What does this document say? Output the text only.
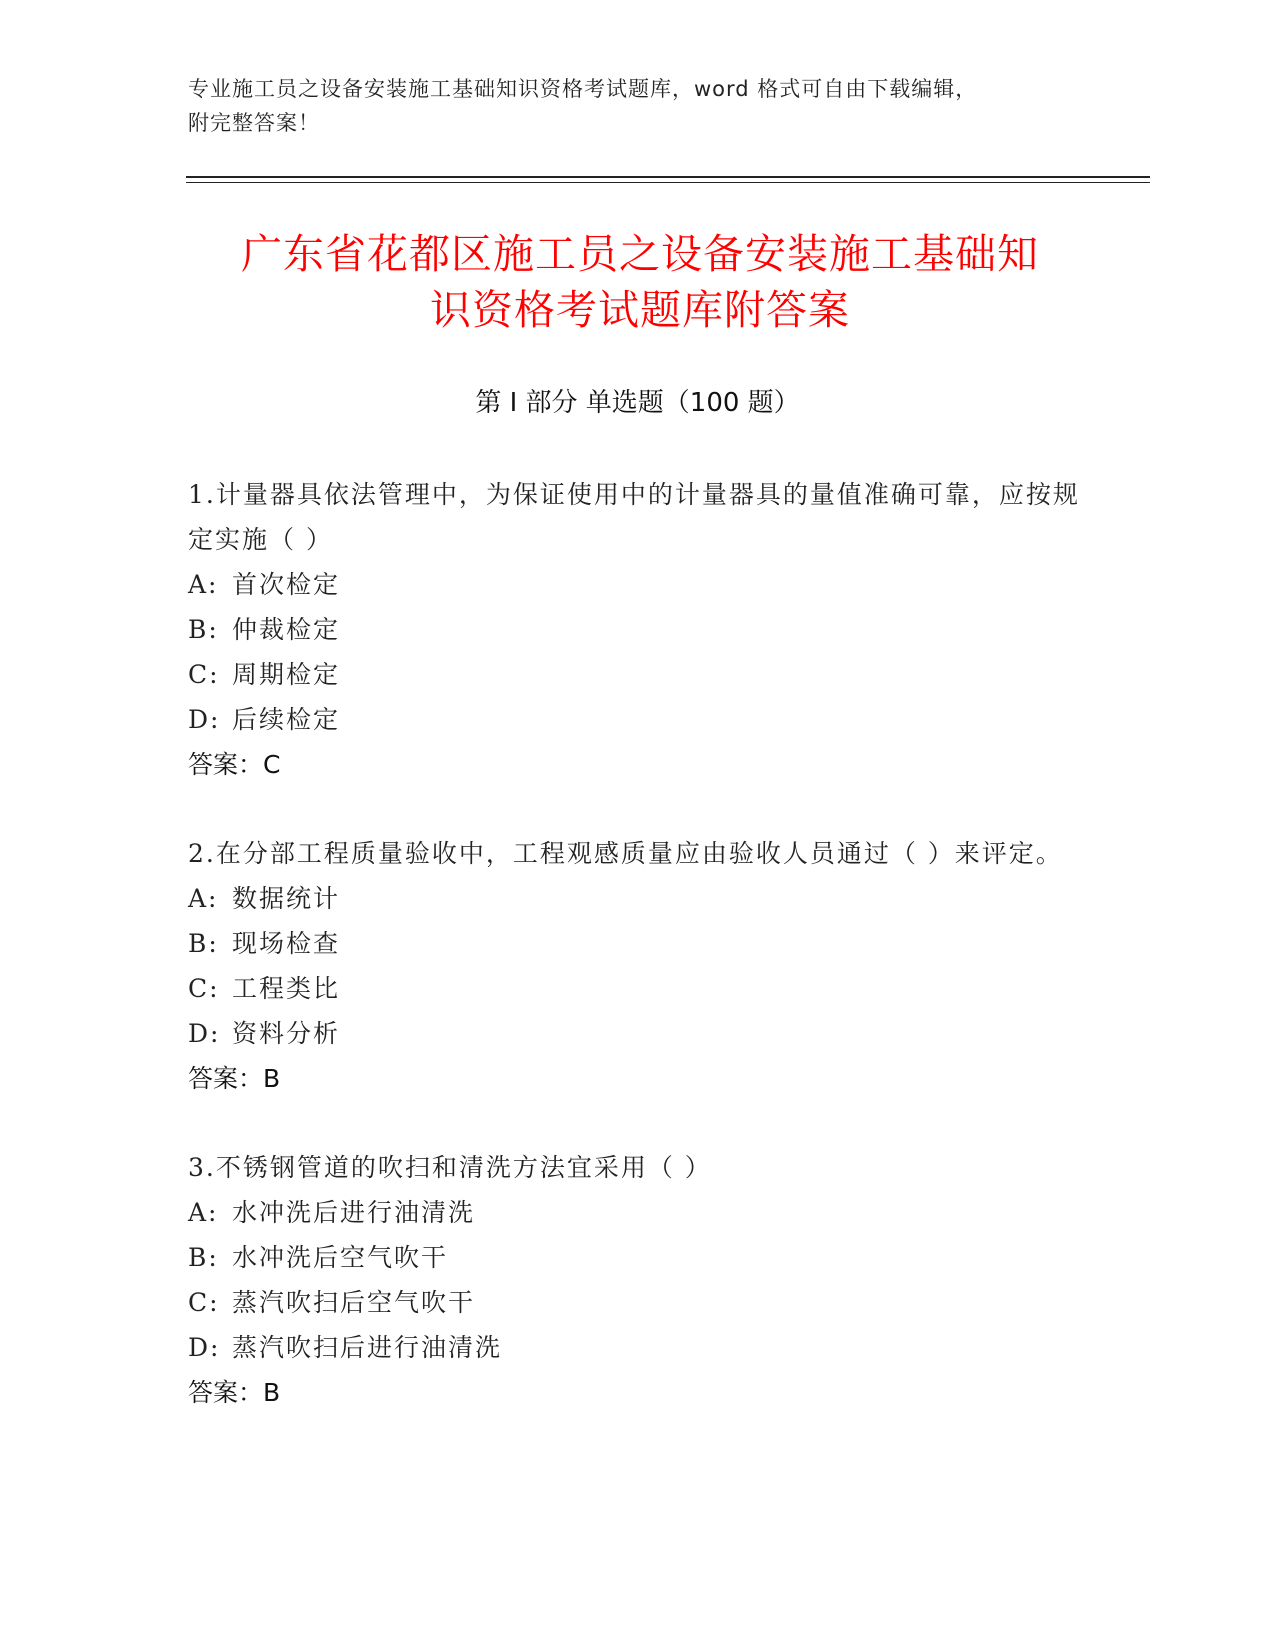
专业施工员之设备安装施工基础知识资格考试题库，word 格式可自由下载编辑，
附完整答案！
广东省花都区施工员之设备安装施工基础知
识资格考试题库附答案
第 I 部分 单选题（100 题）

1.计量器具依法管理中，为保证使用中的计量器具的量值准确可靠，应按规定实施（ ）

A: 首次检定
B: 仲裁检定
C: 周期检定
D: 后续检定
答案：C

2.在分部工程质量验收中，工程观感质量应由验收人员通过（ ）来评定。

A: 数据统计
B: 现场检查
C: 工程类比
D: 资料分析
答案：B

3.不锈钢管道的吹扫和清洗方法宜采用（ ）

A: 水冲洗后进行油清洗
B: 水冲洗后空气吹干
C: 蒸汽吹扫后空气吹干
D: 蒸汽吹扫后进行油清洗
答案：B
